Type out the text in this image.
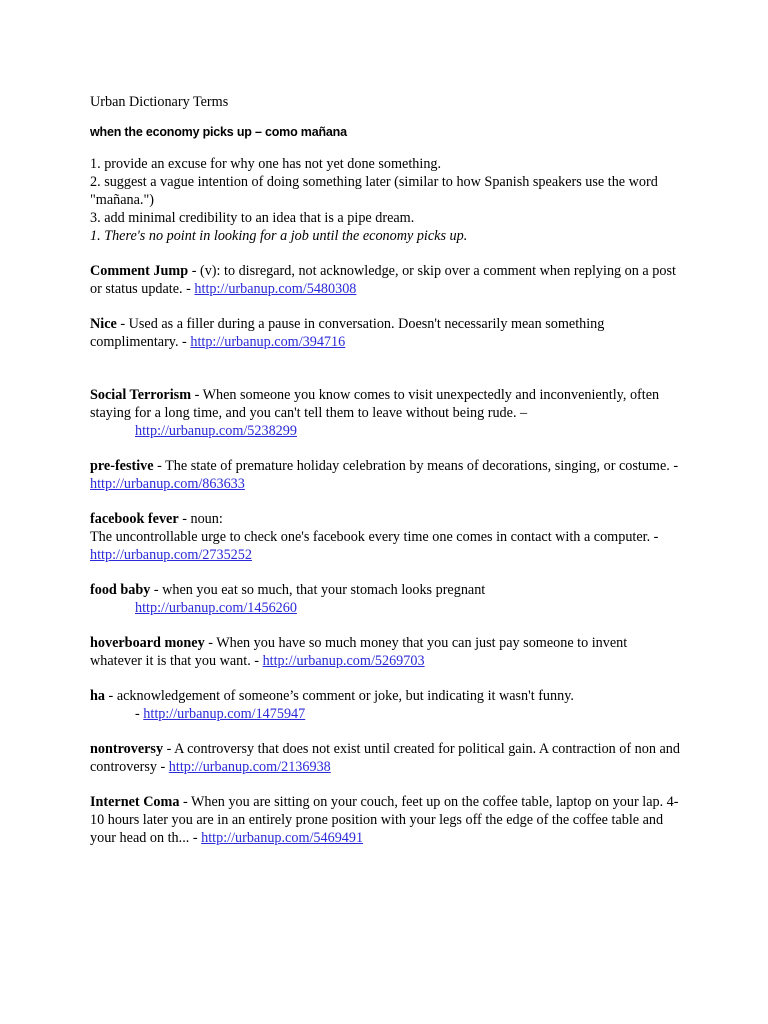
Urban Dictionary Terms

when the economy picks up – como mañana

1. provide an excuse for why one has not yet done something.

2. suggest a vague intention of doing something later (similar to how Spanish speakers use the word "mañana.")

3. add minimal credibility to an idea that is a pipe dream.

1. There's no point in looking for a job until the economy picks up.

Comment Jump - (v): to disregard, not acknowledge, or skip over a comment when replying on a post or status update. - http://urbanup.com/5480308

Nice - Used as a filler during a pause in conversation. Doesn't necessarily mean something complimentary. - http://urbanup.com/394716

Social Terrorism - When someone you know comes to visit unexpectedly and inconveniently, often staying for a long time, and you can't tell them to leave without being rude. –
http://urbanup.com/5238299

pre-festive - The state of premature holiday celebration by means of decorations, singing, or costume. - http://urbanup.com/863633

facebook fever - noun:
The uncontrollable urge to check one's facebook every time one comes in contact with a computer. - http://urbanup.com/2735252

food baby - when you eat so much, that your stomach looks pregnant
http://urbanup.com/1456260

hoverboard money - When you have so much money that you can just pay someone to invent whatever it is that you want. - http://urbanup.com/5269703

ha - acknowledgement of someone’s comment or joke, but indicating it wasn't funny.
- http://urbanup.com/1475947

nontroversy - A controversy that does not exist until created for political gain. A contraction of non and controversy - http://urbanup.com/2136938

Internet Coma - When you are sitting on your couch, feet up on the coffee table, laptop on your lap. 4-10 hours later you are in an entirely prone position with your legs off the edge of the coffee table and your head on th... - http://urbanup.com/5469491
